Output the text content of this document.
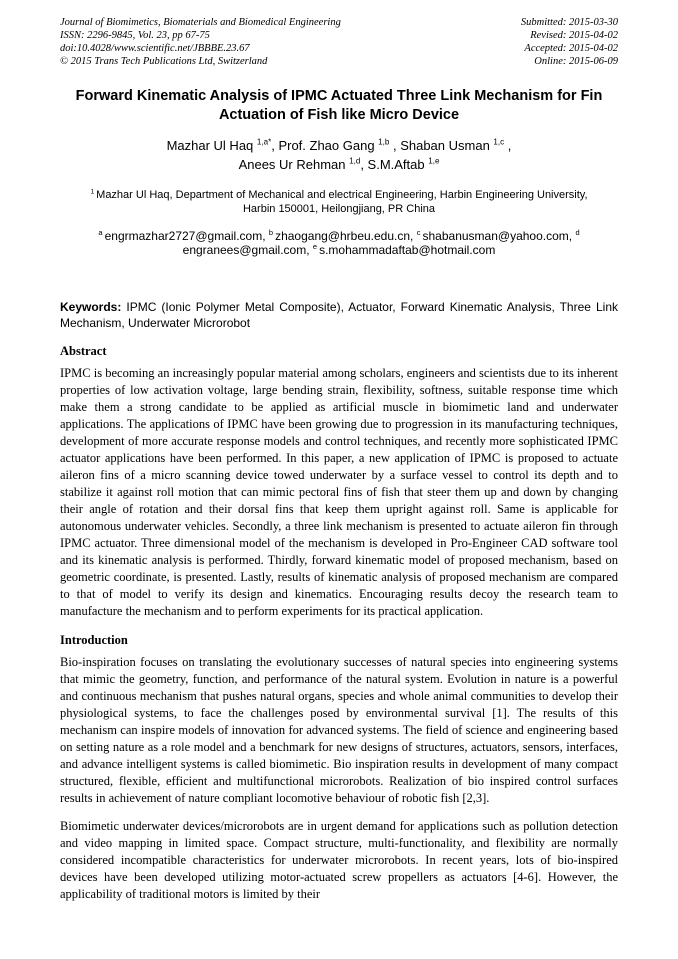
Journal of Biomimetics, Biomaterials and Biomedical Engineering
ISSN: 2296-9845, Vol. 23, pp 67-75
doi:10.4028/www.scientific.net/JBBBE.23.67
© 2015 Trans Tech Publications Ltd, Switzerland
Submitted: 2015-03-30
Revised: 2015-04-02
Accepted: 2015-04-02
Online: 2015-06-09
Forward Kinematic Analysis of IPMC Actuated Three Link Mechanism for Fin Actuation of Fish like Micro Device
Mazhar Ul Haq $^{1,a*}$, Prof. Zhao Gang $^{1,b}$ , Shaban Usman $^{1,c}$ ,
Anees Ur Rehman $^{1,d}$, S.M.Aftab $^{1,e}$
$^1$ Mazhar Ul Haq, Department of Mechanical and electrical Engineering, Harbin Engineering University, Harbin 150001, Heilongjiang, PR China
$^a$ engrmazhar2727@gmail.com, $^b$ zhaogang@hrbeu.edu.cn, $^c$ shabanusman@yahoo.com, $^d$ engranees@gmail.com, $^e$ s.mohammadaftab@hotmail.com

Keywords: IPMC (Ionic Polymer Metal Composite), Actuator, Forward Kinematic Analysis, Three Link Mechanism, Underwater Microrobot

Abstract

IPMC is becoming an increasingly popular material among scholars, engineers and scientists due to its inherent properties of low activation voltage, large bending strain, flexibility, softness, suitable response time which make them a strong candidate to be applied as artificial muscle in biomimetic land and underwater applications. The applications of IPMC have been growing due to progression in its manufacturing techniques, development of more accurate response models and control techniques, and recently more sophisticated IPMC actuator applications have been performed. In this paper, a new application of IPMC is proposed to actuate aileron fins of a micro scanning device towed underwater by a surface vessel to control its depth and to stabilize it against roll motion that can mimic pectoral fins of fish that steer them up and down by changing their angle of rotation and their dorsal fins that keep them upright against roll. Same is applicable for autonomous underwater vehicles. Secondly, a three link mechanism is presented to actuate aileron fin through IPMC actuator. Three dimensional model of the mechanism is developed in Pro-Engineer CAD software tool and its kinematic analysis is performed. Thirdly, forward kinematic model of proposed mechanism, based on geometric coordinate, is presented. Lastly, results of kinematic analysis of proposed mechanism are compared to that of model to verify its design and kinematics. Encouraging results decoy the research team to manufacture the mechanism and to perform experiments for its practical application.

Introduction

Bio-inspiration focuses on translating the evolutionary successes of natural species into engineering systems that mimic the geometry, function, and performance of the natural system. Evolution in nature is a powerful and continuous mechanism that pushes natural organs, species and whole animal communities to develop their physiological systems, to face the challenges posed by environmental survival [1]. The results of this mechanism can inspire models of innovation for advanced systems. The field of science and engineering based on setting nature as a role model and a benchmark for new designs of structures, actuators, sensors, interfaces, and advance intelligent systems is called biomimetic. Bio inspiration results in development of many compact structured, flexible, efficient and multifunctional microrobots. Realization of bio inspired control surfaces results in achievement of nature compliant locomotive behaviour of robotic fish [2,3].

Biomimetic underwater devices/microrobots are in urgent demand for applications such as pollution detection and video mapping in limited space. Compact structure, multi-functionality, and flexibility are normally considered incompatible characteristics for underwater microrobots. In recent years, lots of bio-inspired devices have been developed utilizing motor-actuated screw propellers as actuators [4-6]. However, the applicability of traditional motors is limited by their
